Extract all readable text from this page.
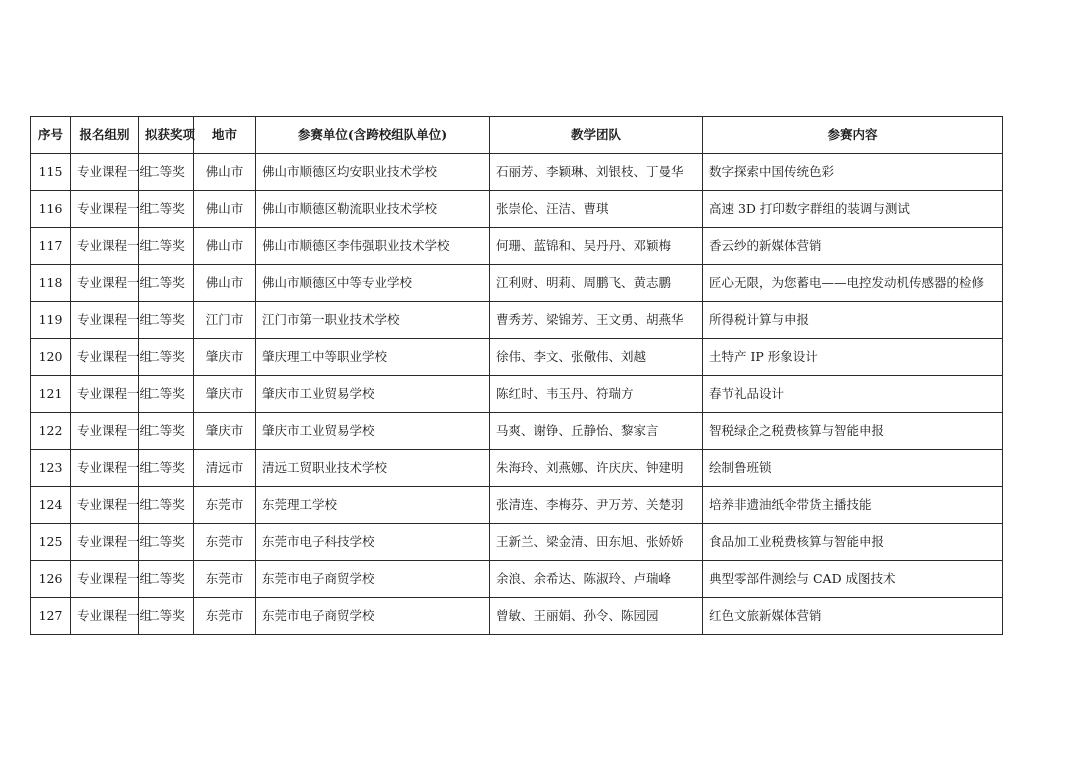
序号	报名组别	拟获奖项	地市	参赛单位(含跨校组队单位)	教学团队	参赛内容
115	专业课程一组	二等奖	佛山市	佛山市顺德区均安职业技术学校	石丽芳、李颖琳、刘银枝、丁曼华	数字探索中国传统色彩
116	专业课程一组	二等奖	佛山市	佛山市顺德区勒流职业技术学校	张崇伦、汪洁、曹琪	高速 3D 打印数字群组的装调与测试
117	专业课程一组	二等奖	佛山市	佛山市顺德区李伟强职业技术学校	何珊、蓝锦和、吴丹丹、邓颖梅	香云纱的新媒体营销
118	专业课程一组	二等奖	佛山市	佛山市顺德区中等专业学校	江利财、明莉、周鹏飞、黄志鹏	匠心无限，为您蓄电——电控发动机传感器的检修
119	专业课程一组	二等奖	江门市	江门市第一职业技术学校	曹秀芳、梁锦芳、王文勇、胡燕华	所得税计算与申报
120	专业课程一组	二等奖	肇庆市	肇庆理工中等职业学校	徐伟、李文、张儆伟、刘越	土特产 IP 形象设计
121	专业课程一组	二等奖	肇庆市	肇庆市工业贸易学校	陈红时、韦玉丹、符瑞方	春节礼品设计
122	专业课程一组	二等奖	肇庆市	肇庆市工业贸易学校	马爽、谢铮、丘静怡、黎家言	智税绿企之税费核算与智能申报
123	专业课程一组	二等奖	清远市	清远工贸职业技术学校	朱海玲、刘燕娜、许庆庆、钟建明	绘制鲁班锁
124	专业课程一组	二等奖	东莞市	东莞理工学校	张清连、李梅芬、尹万芳、关楚羽	培养非遗油纸伞带货主播技能
125	专业课程一组	二等奖	东莞市	东莞市电子科技学校	王新兰、梁金清、田东旭、张娇娇	食品加工业税费核算与智能申报
126	专业课程一组	二等奖	东莞市	东莞市电子商贸学校	余浪、余希达、陈淑玲、卢瑞峰	典型零部件测绘与 CAD 成图技术
127	专业课程一组	二等奖	东莞市	东莞市电子商贸学校	曾敏、王丽娟、孙令、陈园园	红色文旅新媒体营销
